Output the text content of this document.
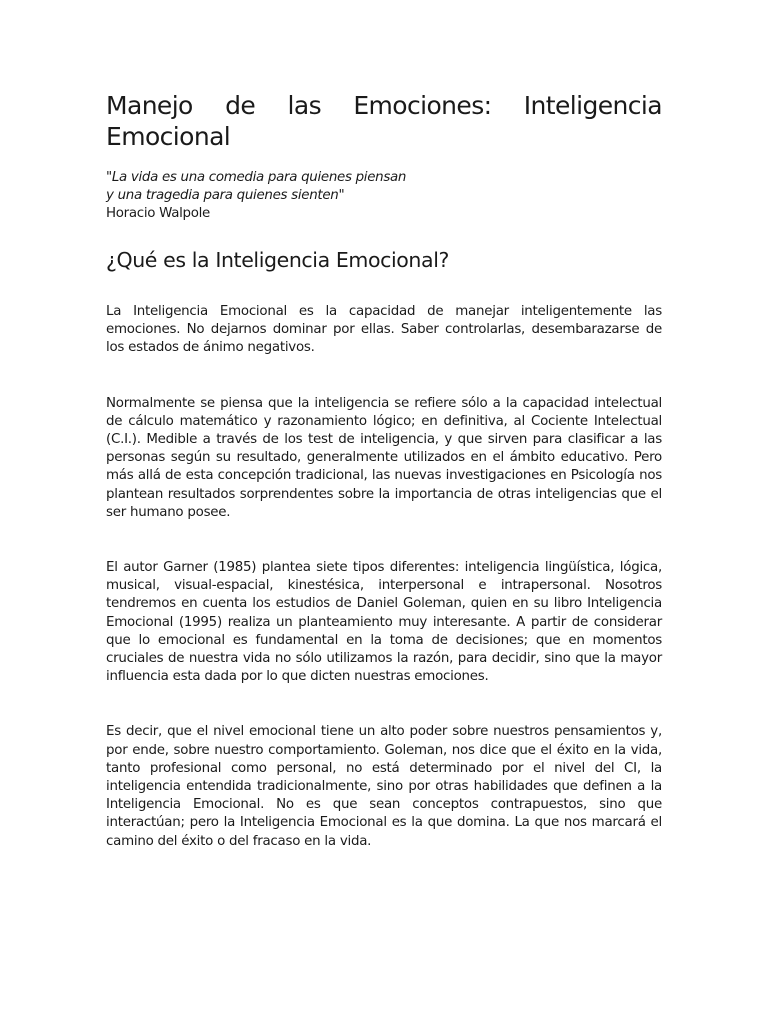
Manejo de las Emociones: Inteligencia Emocional
"La vida es una comedia para quienes piensan
y una tragedia para quienes sienten"
Horacio Walpole
¿Qué es la Inteligencia Emocional?

La Inteligencia Emocional es la capacidad de manejar inteligentemente las emociones. No dejarnos dominar por ellas. Saber controlarlas, desembarazarse de los estados de ánimo negativos.

Normalmente se piensa que la inteligencia se refiere sólo a la capacidad intelectual de cálculo matemático y razonamiento lógico; en definitiva, al Cociente Intelectual (C.I.). Medible a través de los test de inteligencia, y que sirven para clasificar a las personas según su resultado, generalmente utilizados en el ámbito educativo. Pero más allá de esta concepción tradicional, las nuevas investigaciones en Psicología nos plantean resultados sorprendentes sobre la importancia de otras inteligencias que el ser humano posee.

El autor Garner (1985) plantea siete tipos diferentes: inteligencia lingüística, lógica, musical, visual-espacial, kinestésica, interpersonal e intrapersonal. Nosotros tendremos en cuenta los estudios de Daniel Goleman, quien en su libro Inteligencia Emocional (1995) realiza un planteamiento muy interesante. A partir de considerar que lo emocional es fundamental en la toma de decisiones; que en momentos cruciales de nuestra vida no sólo utilizamos la razón, para decidir, sino que la mayor influencia esta dada por lo que dicten nuestras emociones.

Es decir, que el nivel emocional tiene un alto poder sobre nuestros pensamientos y, por ende, sobre nuestro comportamiento. Goleman, nos dice que el éxito en la vida, tanto profesional como personal, no está determinado por el nivel del CI, la inteligencia entendida tradicionalmente, sino por otras habilidades que definen a la Inteligencia Emocional. No es que sean conceptos contrapuestos, sino que interactúan; pero la Inteligencia Emocional es la que domina. La que nos marcará el camino del éxito o del fracaso en la vida.
